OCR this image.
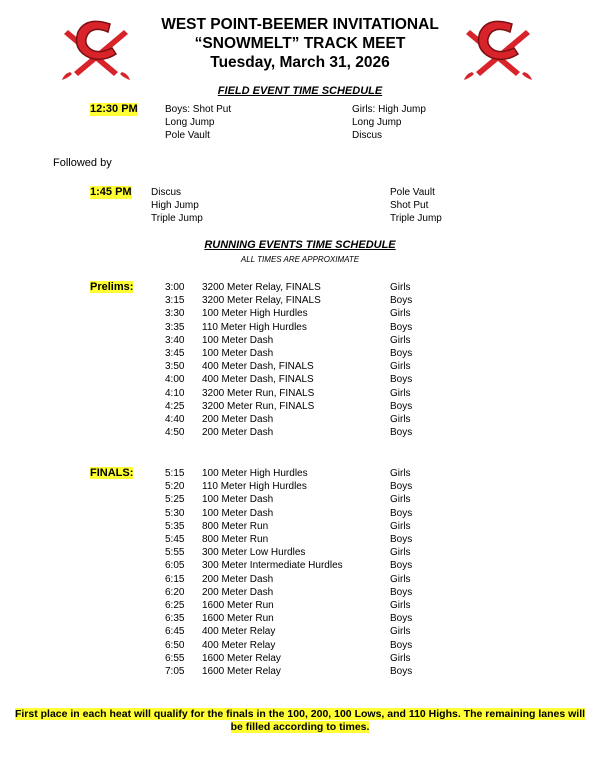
WEST POINT-BEEMER INVITATIONAL
“SNOWMELT” TRACK MEET
Tuesday, March 31, 2026
FIELD EVENT TIME SCHEDULE
12:30 PM	Boys: Shot Put	Girls: High Jump
Long Jump	Long Jump
Pole Vault	Discus
Followed by
1:45 PM Discus	Pole Vault
High Jump	Shot Put
Triple Jump	Triple Jump
RUNNING EVENTS TIME SCHEDULE
ALL TIMES ARE APPROXIMATE
Prelims:	3:00 3200 Meter Relay, FINALS	Girls
3:15 3200 Meter Relay, FINALS	Boys
3:30 100 Meter High Hurdles	Girls
3:35 110 Meter High Hurdles	Boys
3:40 100 Meter Dash	Girls
3:45 100 Meter Dash	Boys
3:50 400 Meter Dash, FINALS	Girls
4:00 400 Meter Dash, FINALS	Boys
4:10 3200 Meter Run, FINALS	Girls
4:25 3200 Meter Run, FINALS	Boys
4:40 200 Meter Dash	Girls
4:50 200 Meter Dash	Boys
FINALS:	5:15 100 Meter High Hurdles	Girls
5:20 110 Meter High Hurdles	Boys
5:25 100 Meter Dash	Girls
5:30 100 Meter Dash	Boys
5:35 800 Meter Run	Girls
5:45 800 Meter Run	Boys
5:55 300 Meter Low Hurdles	Girls
6:05 300 Meter Intermediate Hurdles	Boys
6:15 200 Meter Dash	Girls
6:20 200 Meter Dash	Boys
6:25 1600 Meter Run	Girls
6:35 1600 Meter Run	Boys
6:45 400 Meter Relay	Girls
6:50 400 Meter Relay	Boys
6:55 1600 Meter Relay	Girls
7:05 1600 Meter Relay	Boys
First place in each heat will qualify for the finals in the 100, 200, 100 Lows, and 110 Highs. The remaining lanes will
be filled according to times.
